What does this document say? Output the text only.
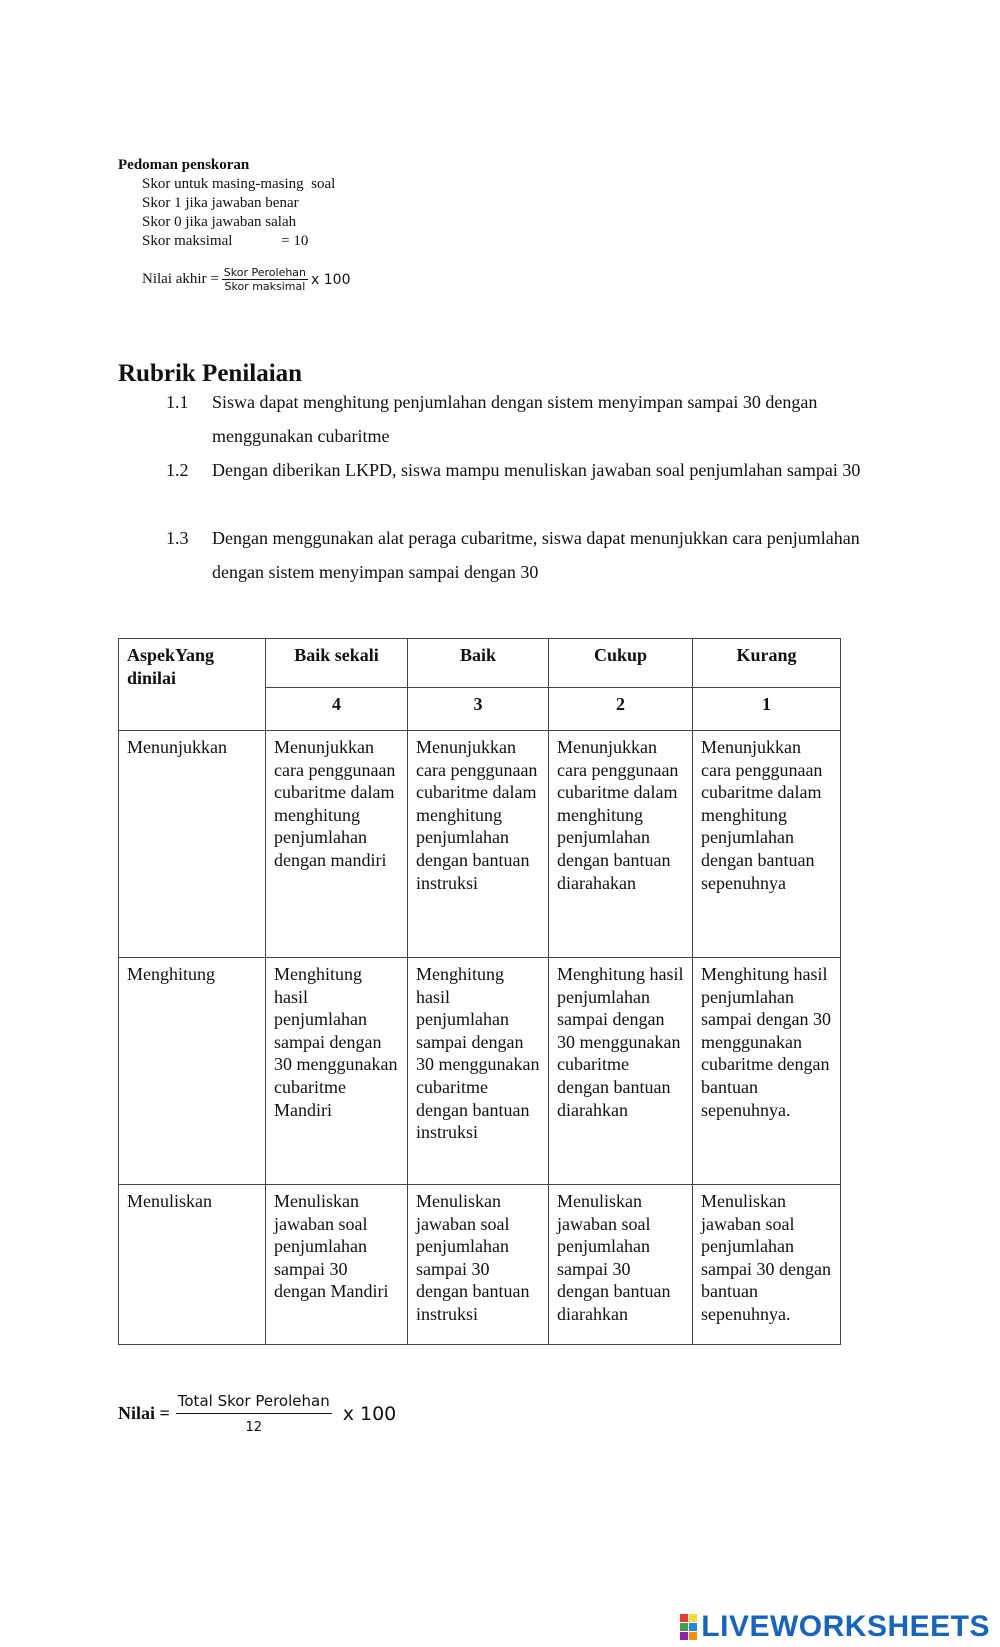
Pedoman penskoran
Skor untuk masing-masing  soal
Skor 1 jika jawaban benar
Skor 0 jika jawaban salah
Skor maksimal             = 10
Nilai akhir = $\frac{\text{Skor Perolehan}}{\text{Skor maksimal}}$ x 100
Rubrik Penilaian
1.1	Siswa dapat menghitung penjumlahan dengan sistem menyimpan sampai 30 dengan menggunakan cubaritme
1.2	Dengan diberikan LKPD, siswa mampu menuliskan jawaban soal penjumlahan sampai 30
1.3	Dengan menggunakan alat peraga cubaritme, siswa dapat menunjukkan cara penjumlahan dengan sistem menyimpan sampai dengan 30
AspekYang
dinilai	Baik sekali	Baik	Cukup	Kurang
	4	3	2	1
Menunjukkan	Menunjukkan cara penggunaan cubaritme dalam menghitung penjumlahan dengan mandiri	Menunjukkan cara penggunaan cubaritme dalam menghitung penjumlahan dengan bantuan instruksi	Menunjukkan cara penggunaan cubaritme dalam menghitung penjumlahan dengan bantuan diarahakan	Menunjukkan cara penggunaan cubaritme dalam menghitung penjumlahan dengan bantuan sepenuhnya
Menghitung	Menghitung hasil penjumlahan sampai dengan 30 menggunakan cubaritme Mandiri	Menghitung hasil penjumlahan sampai dengan 30 menggunakan cubaritme dengan bantuan instruksi	Menghitung hasil penjumlahan sampai dengan 30 menggunakan cubaritme dengan bantuan diarahkan	Menghitung hasil penjumlahan sampai dengan 30 menggunakan cubaritme dengan bantuan sepenuhnya.
Menuliskan	Menuliskan jawaban soal penjumlahan sampai 30 dengan Mandiri	Menuliskan jawaban soal penjumlahan sampai 30 dengan bantuan instruksi	Menuliskan jawaban soal penjumlahan sampai 30 dengan bantuan diarahkan	Menuliskan jawaban soal penjumlahan sampai 30 dengan bantuan sepenuhnya.
Nilai = $\frac{\text{Total Skor Perolehan}}{12}$ x 100
LIVEWORKSHEETS
